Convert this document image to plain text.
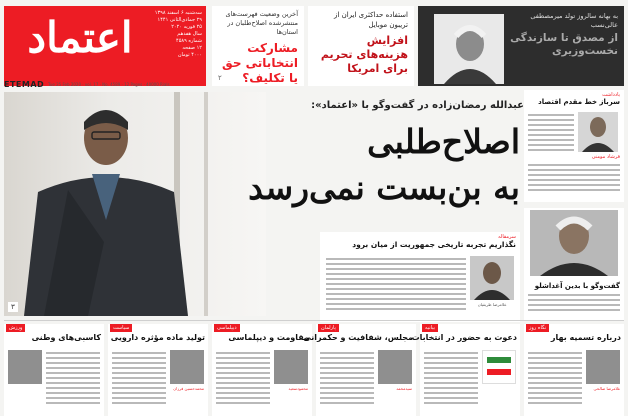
اعتماد	سه‌شنبه ۶ اسفند ۱۳۹۸
۲۹ جمادی‌الثانی ۱۴۴۱
۲۵ فوریه ۲۰۲۰
سال هفدهم
شماره ۴۵۸۹
۱۲ صفحه
۴۰۰۰ تومان
ETEMAD Tue 25 Feb 2020 · vol. 17 · No. 4589 · 12 Pages · 40000 Rials
آخرین وضعیت فهرست‌های منتشرشده اصلاح‌طلبان در استان‌ها
مشارکت انتخاباتی حق یا تکلیف؟
۲
استفاده حداکثری ایران از تریبون موبایل
افزایش هزینه‌های تحریم برای امریکا
به بهانه سالروز تولد میرمصطفی عالی‌نسب
از مصدق تا سازندگی نخست‌وزیری
۳
عبدالله رمضان‌زاده در گفت‌وگو با «اعتماد»:
اصلاح‌طلبی
به بن‌بست نمی‌رسد
سرمقاله
نگذاریم تجربه تاریخی جمهوریت از میان برود
غلامرضا ظریفیان
یادداشت
سرباز خط مقدم اقتصاد
فرشاد مومنی
گفت‌وگو با بدین آغداشلو
ورزش
کاسبی‌های وطنی
سیاست
تولید ماده مؤثره دارویی
محمدحسین فرزان
دیپلماسی
مقاومت و دیپلماسی
محمودسعید
پارلمان
مجلس، شفافیت و حکمرانی
سیدمحمد
بیانیه
دعوت به حضور در انتخابات
نگاه روز
درباره تسمیه بهار
غلامرضا صالحی
